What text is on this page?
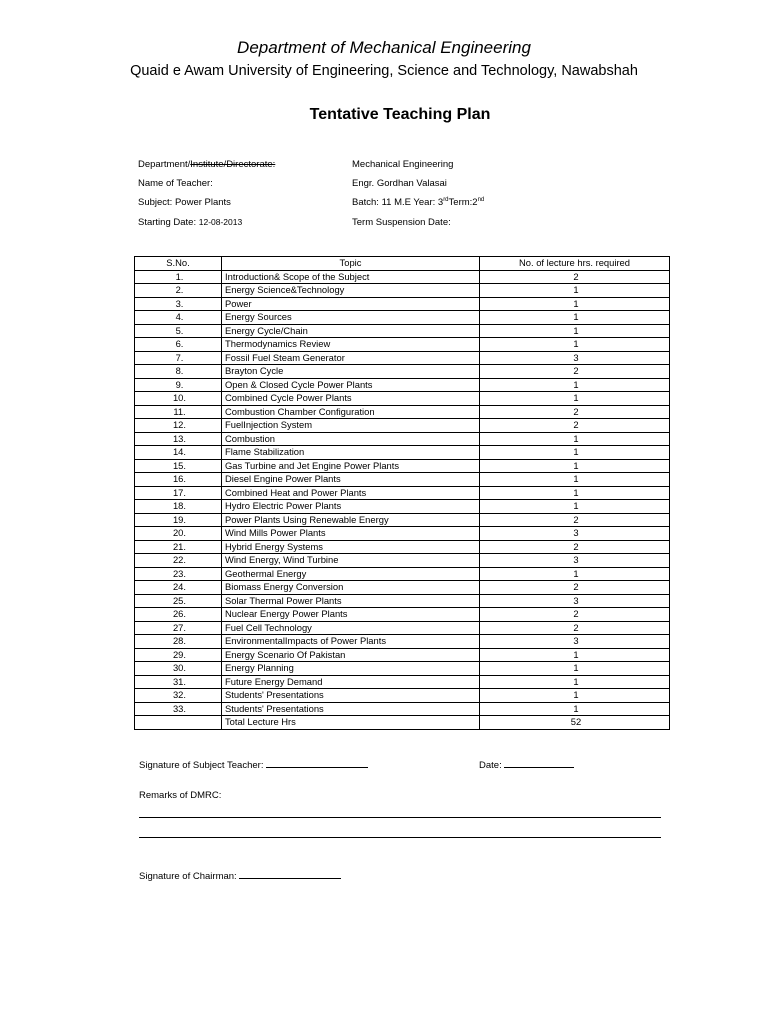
Department of Mechanical Engineering
Quaid e Awam University of Engineering, Science and Technology, Nawabshah
Tentative Teaching Plan
Department/Institute/Directorate:	Mechanical Engineering
Name of Teacher:	Engr. Gordhan Valasai
Subject: Power Plants	Batch: 11 M.E Year: 3rdTerm:2nd
Starting Date: 12-08-2013	Term Suspension Date:
S.No.	Topic	No. of lecture hrs. required
1.	Introduction& Scope of the Subject	2
2.	Energy Science&Technology	1
3.	Power	1
4.	Energy Sources	1
5.	Energy Cycle/Chain	1
6.	Thermodynamics Review	1
7.	Fossil Fuel Steam Generator	3
8.	Brayton Cycle	2
9.	Open & Closed Cycle Power Plants	1
10.	Combined Cycle Power Plants	1
11.	Combustion Chamber Configuration	2
12.	FuelInjection System	2
13.	Combustion	1
14.	Flame Stabilization	1
15.	Gas Turbine and Jet Engine Power Plants	1
16.	Diesel Engine Power Plants	1
17.	Combined Heat and Power Plants	1
18.	Hydro Electric Power Plants	1
19.	Power Plants Using Renewable Energy	2
20.	Wind Mills Power Plants	3
21.	Hybrid Energy Systems	2
22.	Wind Energy, Wind Turbine	3
23.	Geothermal Energy	1
24.	Biomass Energy Conversion	2
25.	Solar Thermal Power Plants	3
26.	Nuclear Energy Power Plants	2
27.	Fuel Cell Technology	2
28.	EnvironmentalImpacts of Power Plants	3
29.	Energy Scenario Of Pakistan	1
30.	Energy Planning	1
31.	Future Energy Demand	1
32.	Students' Presentations	1
33.	Students' Presentations	1
	Total Lecture Hrs	52
Signature of Subject Teacher:	Date:
Remarks of DMRC:
Signature of Chairman:
